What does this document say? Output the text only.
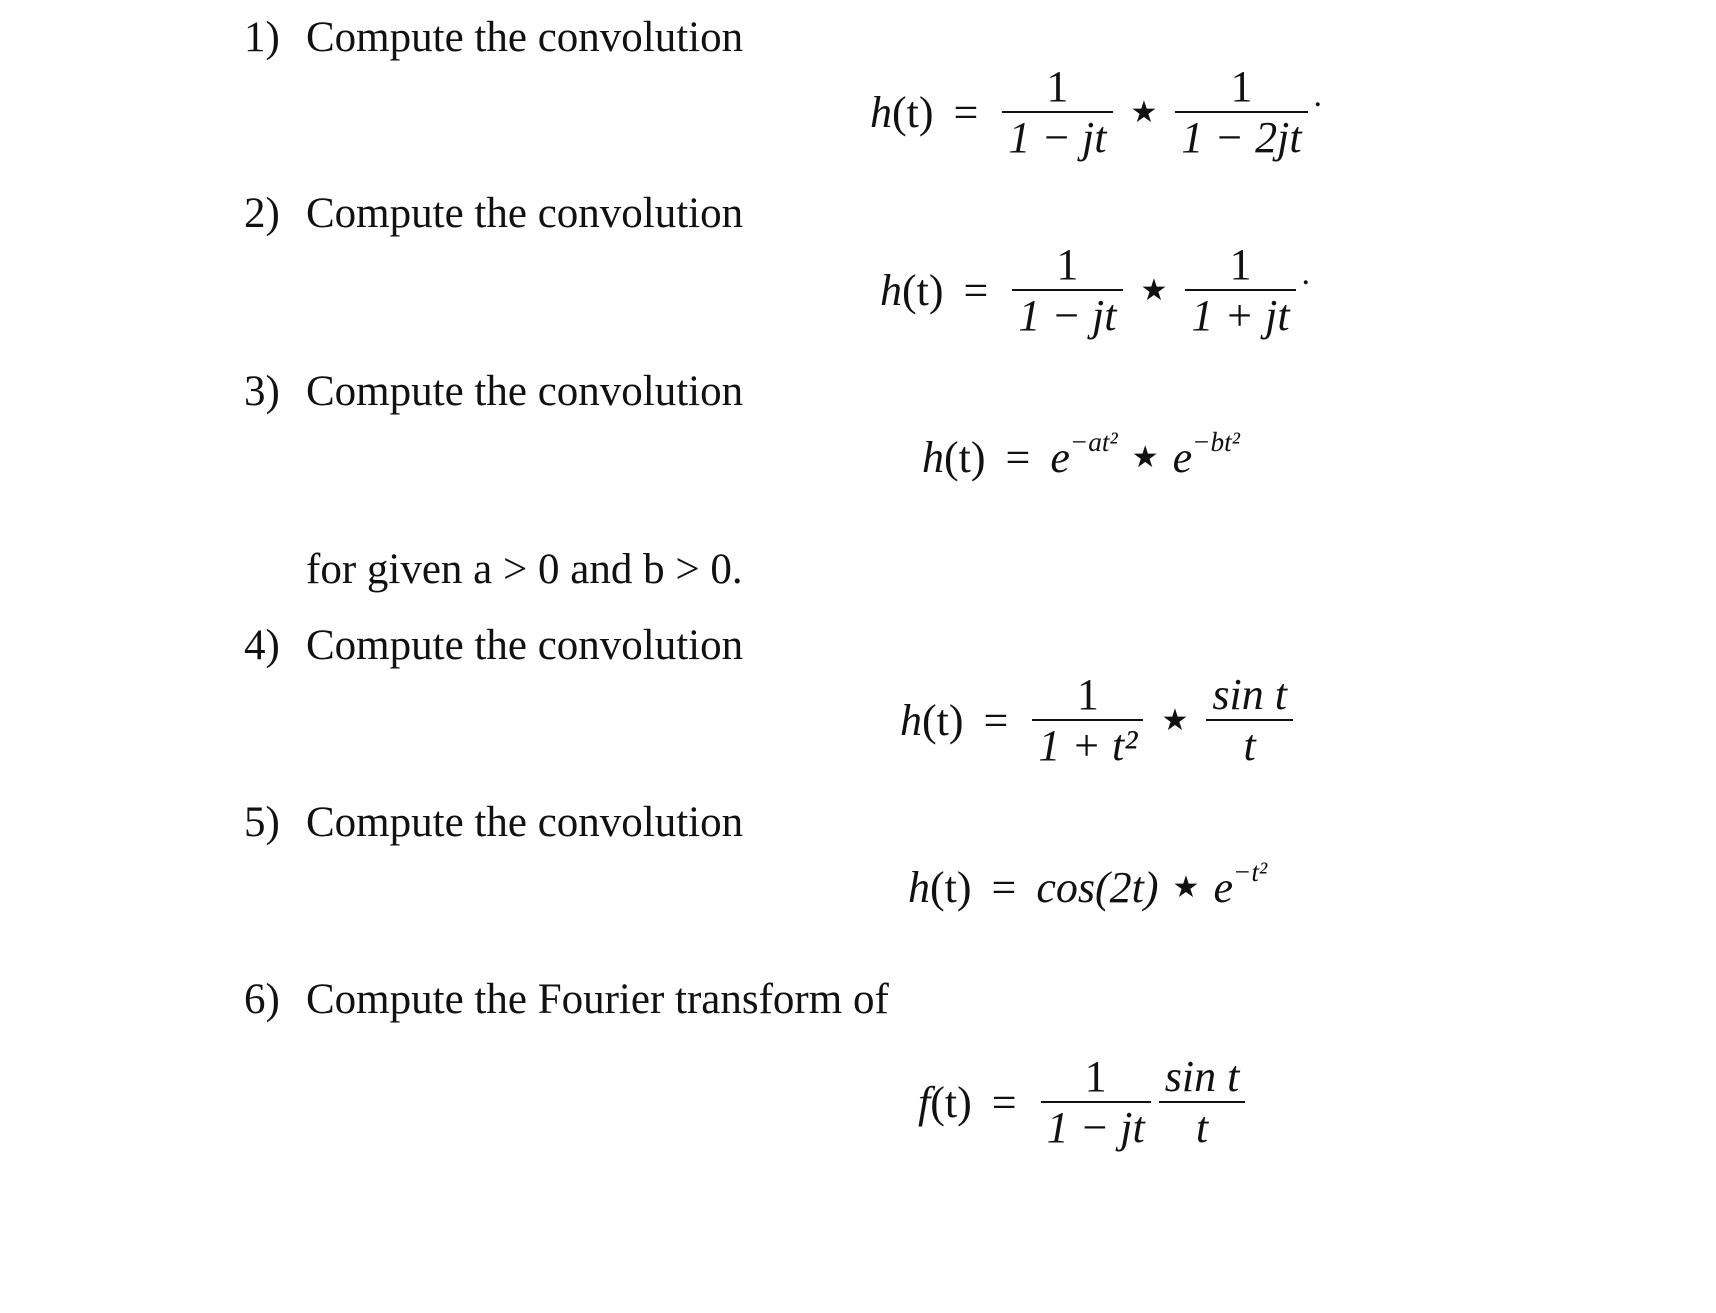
1) Compute the convolution
h $(t) = \frac{1}{1 - jt}$ ★ $\frac{1}{1 - 2jt}$ .
2) Compute the convolution
h $(t) = \frac{1}{1 - jt}$ ★ $\frac{1}{1 + jt}$ .
3) Compute the convolution
h $(t) = e^{-at^2}$ ★ $e^{-bt^2}$
for given a > 0 and b > 0.
4) Compute the convolution
h $(t) = \frac{1}{\text{1 + t²}}$ ★ $\frac{\text{sin t}}{t}$
5) Compute the convolution
h (t) = cos(2t) ★ $e^{-t^2}$
6) Compute the Fourier transform of
f $(t) = \frac{1}{1 - jt} \frac{\text{sin t}}{t}$
